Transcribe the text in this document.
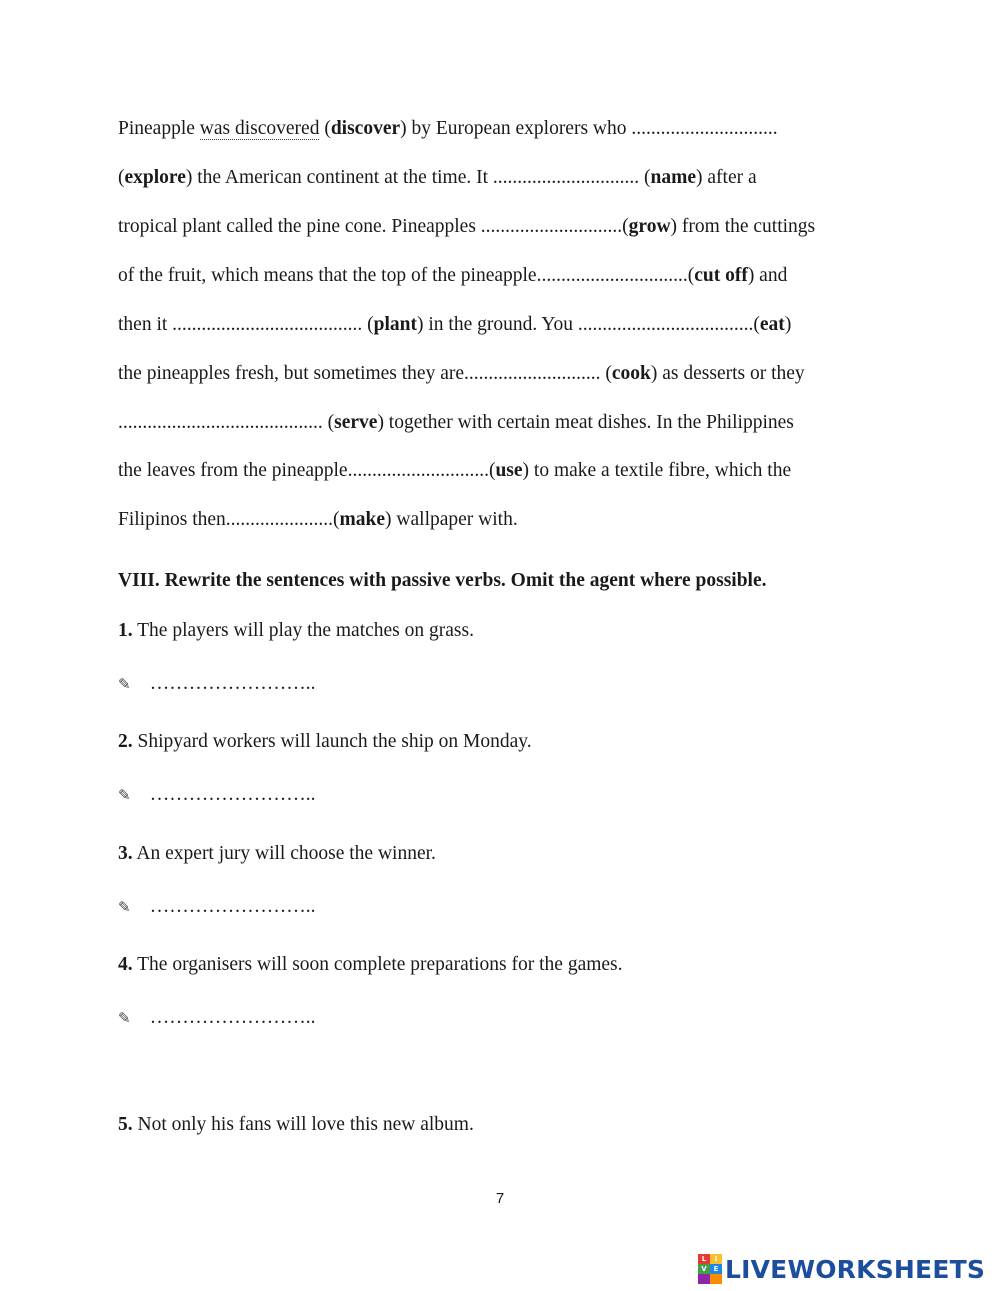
Pineapple was discovered (discover) by European explorers who ..............................
(explore) the American continent at the time. It .............................. (name) after a
tropical plant called the pine cone. Pineapples .............................(grow) from the cuttings
of the fruit, which means that the top of the pineapple...............................(cut off) and
then it ....................................... (plant) in the ground. You ....................................(eat)
the pineapples fresh, but sometimes they are............................ (cook) as desserts or they
.......................................... (serve) together with certain meat dishes. In the Philippines
the leaves from the pineapple.............................(use) to make a textile fibre, which the
Filipinos then......................(make) wallpaper with.
VIII. Rewrite the sentences with passive verbs. Omit the agent where possible.
1. The players will play the matches on grass.
✎ ……………………..
2. Shipyard workers will launch the ship on Monday.
✎ ……………………..
3. An expert jury will choose the winner.
✎ ……………………..
4. The organisers will soon complete preparations for the games.
✎ ……………………..
5. Not only his fans will love this new album.
7
L	I
V E LIVEWORKSHEETS
